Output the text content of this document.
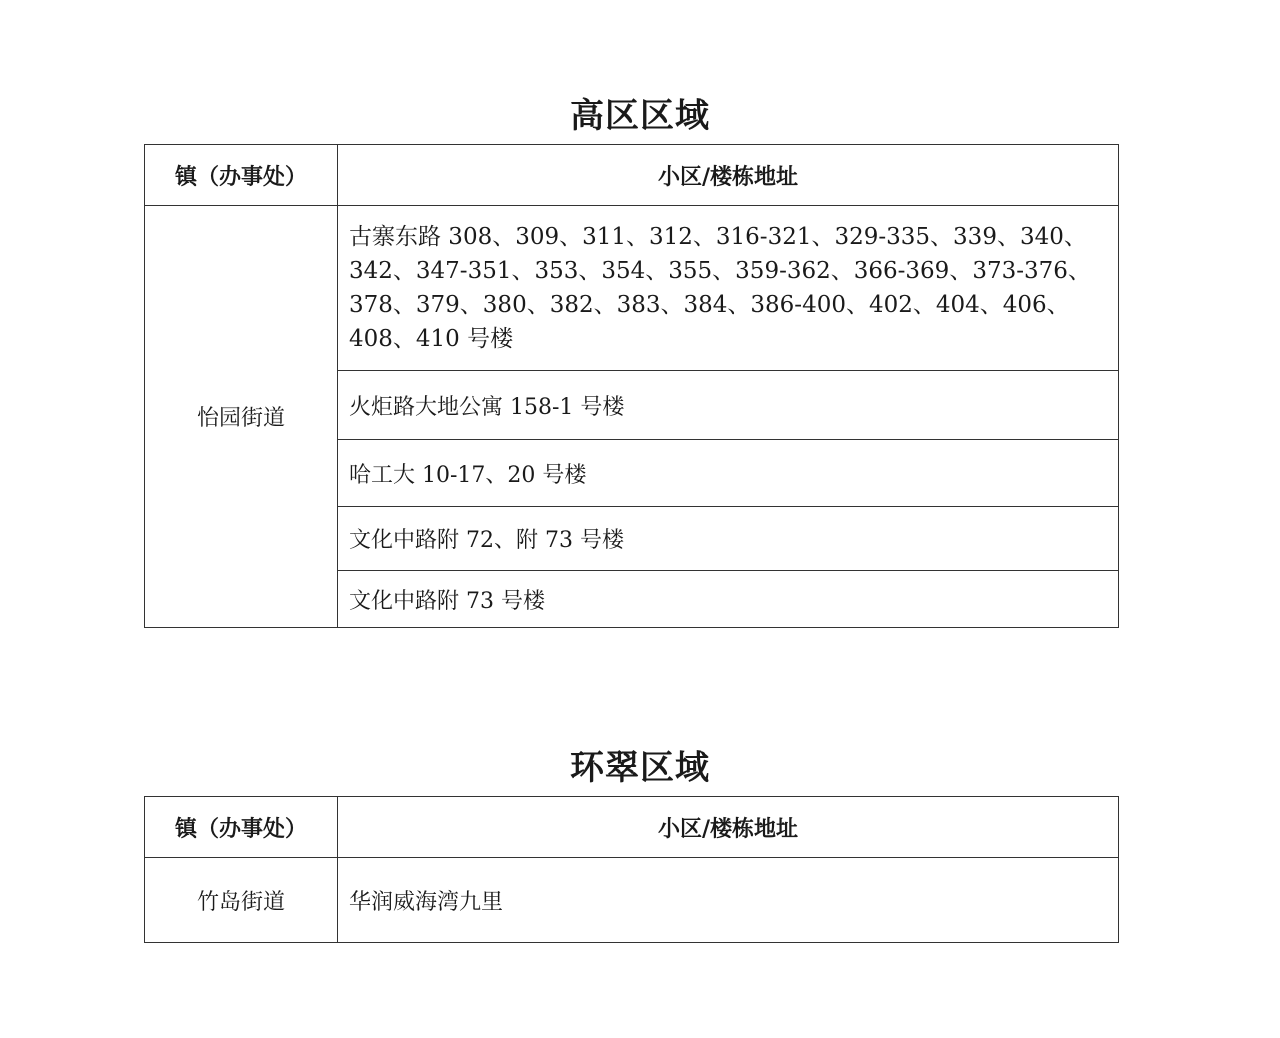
高区区域
镇（办事处）	小区/楼栋地址
怡园街道	古寨东路 308、309、311、312、316-321、329-335、339、340、342、347-351、353、354、355、359-362、366-369、373-376、378、379、380、382、383、384、386-400、402、404、406、408、410 号楼
	火炬路大地公寓 158-1 号楼
	哈工大 10-17、20 号楼
	文化中路附 72、附 73 号楼
	文化中路附 73 号楼
环翠区域
镇（办事处）	小区/楼栋地址
竹岛街道	华润威海湾九里
